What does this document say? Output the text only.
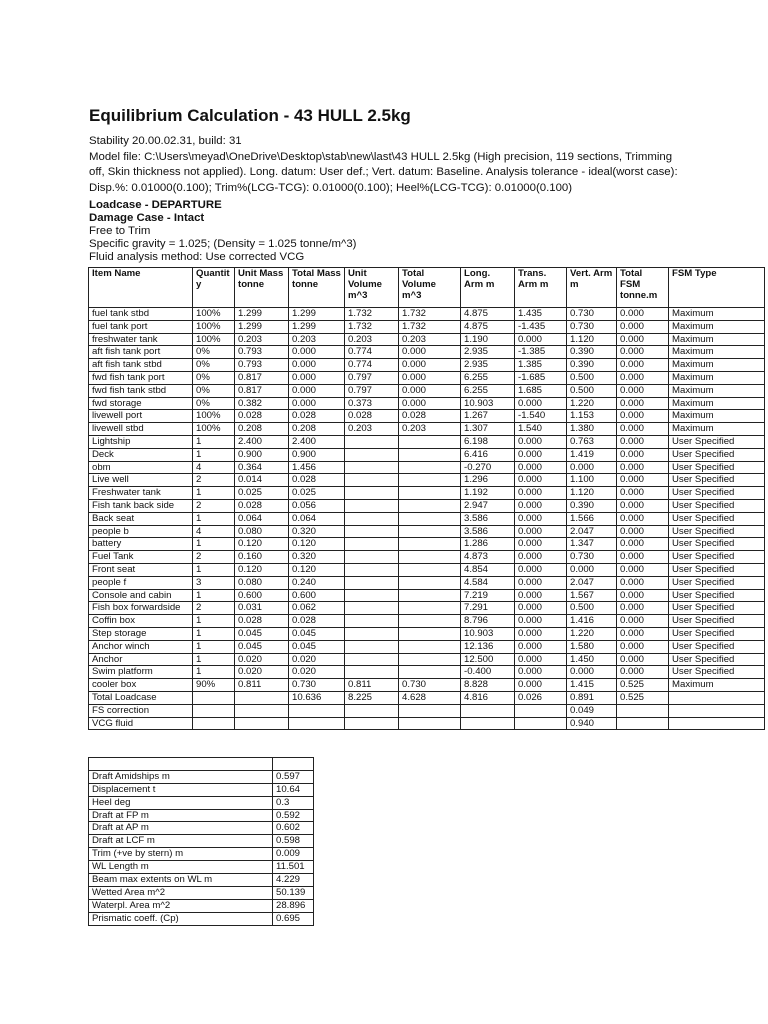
Equilibrium Calculation - 43 HULL 2.5kg
Stability 20.00.02.31, build: 31
Model file: C:\Users\meyad\OneDrive\Desktop\stab\new\last\43 HULL 2.5kg (High precision, 119 sections, Trimming
off, Skin thickness not applied). Long. datum: User def.; Vert. datum: Baseline. Analysis tolerance - ideal(worst case):
Disp.%: 0.01000(0.100); Trim%(LCG-TCG): 0.01000(0.100); Heel%(LCG-TCG): 0.01000(0.100)
Loadcase - DEPARTURE
Damage Case - Intact
Free to Trim
Specific gravity = 1.025; (Density = 1.025 tonne/m^3)
Fluid analysis method: Use corrected VCG
Item Name	Quantity	Unit Mass tonne	Total Mass tonne	Unit Volume m^3	Total Volume m^3	Long. Arm m	Trans. Arm m	Vert. Arm m	Total FSM tonne.m	FSM Type
fuel tank stbd	100%	1.299	1.299	1.732	1.732	4.875	1.435	0.730	0.000	Maximum
fuel tank port	100%	1.299	1.299	1.732	1.732	4.875	-1.435	0.730	0.000	Maximum
freshwater tank	100%	0.203	0.203	0.203	0.203	1.190	0.000	1.120	0.000	Maximum
aft fish tank port	0%	0.793	0.000	0.774	0.000	2.935	-1.385	0.390	0.000	Maximum
aft fish tank stbd	0%	0.793	0.000	0.774	0.000	2.935	1.385	0.390	0.000	Maximum
fwd fish tank port	0%	0.817	0.000	0.797	0.000	6.255	-1.685	0.500	0.000	Maximum
fwd fish tank stbd	0%	0.817	0.000	0.797	0.000	6.255	1.685	0.500	0.000	Maximum
fwd storage	0%	0.382	0.000	0.373	0.000	10.903	0.000	1.220	0.000	Maximum
livewell port	100%	0.028	0.028	0.028	0.028	1.267	-1.540	1.153	0.000	Maximum
livewell stbd	100%	0.208	0.208	0.203	0.203	1.307	1.540	1.380	0.000	Maximum
Lightship	1	2.400	2.400			6.198	0.000	0.763	0.000	User Specified
Deck	1	0.900	0.900			6.416	0.000	1.419	0.000	User Specified
obm	4	0.364	1.456			-0.270	0.000	0.000	0.000	User Specified
Live well	2	0.014	0.028			1.296	0.000	1.100	0.000	User Specified
Freshwater tank	1	0.025	0.025			1.192	0.000	1.120	0.000	User Specified
Fish tank back side	2	0.028	0.056			2.947	0.000	0.390	0.000	User Specified
Back seat	1	0.064	0.064			3.586	0.000	1.566	0.000	User Specified
people b	4	0.080	0.320			3.586	0.000	2.047	0.000	User Specified
battery	1	0.120	0.120			1.286	0.000	1.347	0.000	User Specified
Fuel Tank	2	0.160	0.320			4.873	0.000	0.730	0.000	User Specified
Front seat	1	0.120	0.120			4.854	0.000	0.000	0.000	User Specified
people f	3	0.080	0.240			4.584	0.000	2.047	0.000	User Specified
Console and cabin	1	0.600	0.600			7.219	0.000	1.567	0.000	User Specified
Fish box forwardside	2	0.031	0.062			7.291	0.000	0.500	0.000	User Specified
Coffin box	1	0.028	0.028			8.796	0.000	1.416	0.000	User Specified
Step storage	1	0.045	0.045			10.903	0.000	1.220	0.000	User Specified
Anchor winch	1	0.045	0.045			12.136	0.000	1.580	0.000	User Specified
Anchor	1	0.020	0.020			12.500	0.000	1.450	0.000	User Specified
Swim platform	1	0.020	0.020			-0.400	0.000	0.000	0.000	User Specified
cooler box	90%	0.811	0.730	0.811	0.730	8.828	0.000	1.415	0.525	Maximum
Total Loadcase			10.636	8.225	4.628	4.816	0.026	0.891	0.525	
FS correction								0.049		
VCG fluid								0.940		

Draft Amidships m	0.597
Displacement t	10.64
Heel deg	0.3
Draft at FP m	0.592
Draft at AP m	0.602
Draft at LCF m	0.598
Trim (+ve by stern) m	0.009
WL Length m	11.501
Beam max extents on WL m	4.229
Wetted Area m^2	50.139
Waterpl. Area m^2	28.896
Prismatic coeff. (Cp)	0.695
